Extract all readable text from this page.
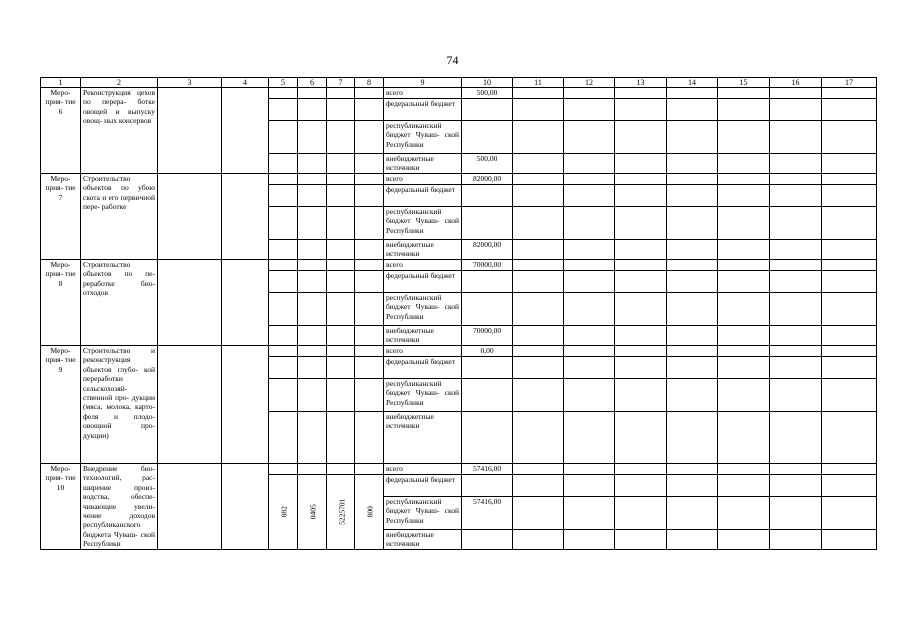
74
1	2	3	4	5	6	7	8	9	10	11	12	13	14	15	16	17
Меро- прия- тие 6	Реконструкция цехов по перера- ботке овощей и выпуску овощ- ных консервов							всего	500,00							
								федеральный бюджет								
								республиканский бюджет Чуваш- ской Республики								
								внебюджетные источники	500,00							
Меро- прия- тие 7	Строительство объектов по убою скота и его первичной пере- работке							всего	82000,00							
								федеральный бюджет								
								республиканский бюджет Чуваш- ской Республики								
								внебюджетные источники	82000,00							
Меро- прия- тие 8	Строительство объектов по пе- реработке био- отходов							всего	70000,00							
								федеральный бюджет								
								республиканский бюджет Чуваш- ской Республики								
								внебюджетные источники	70000,00							
Меро- прия- тие 9	Строительство и реконструкция объектов глубо- кой переработки сельскохозяй- ственной про- дукции (мяса, молока, карто- феля и плодо- овощной про- дукции)							всего	0,00							
								федеральный бюджет								
								республиканский бюджет Чуваш- ской Республики								
								внебюджетные источники								
Меро- прия- тие 10	Внедрение био- технологий, рас- ширение произ- водства, обеспе- чивающие увели- чение доходов республиканского бюджета Чуваш- ской Республики							всего	57416,00							

				882	0405	5225701	800	федеральный бюджет								
								республиканский бюджет Чуваш- ской Республики	57416,00							
								внебюджетные источники								
